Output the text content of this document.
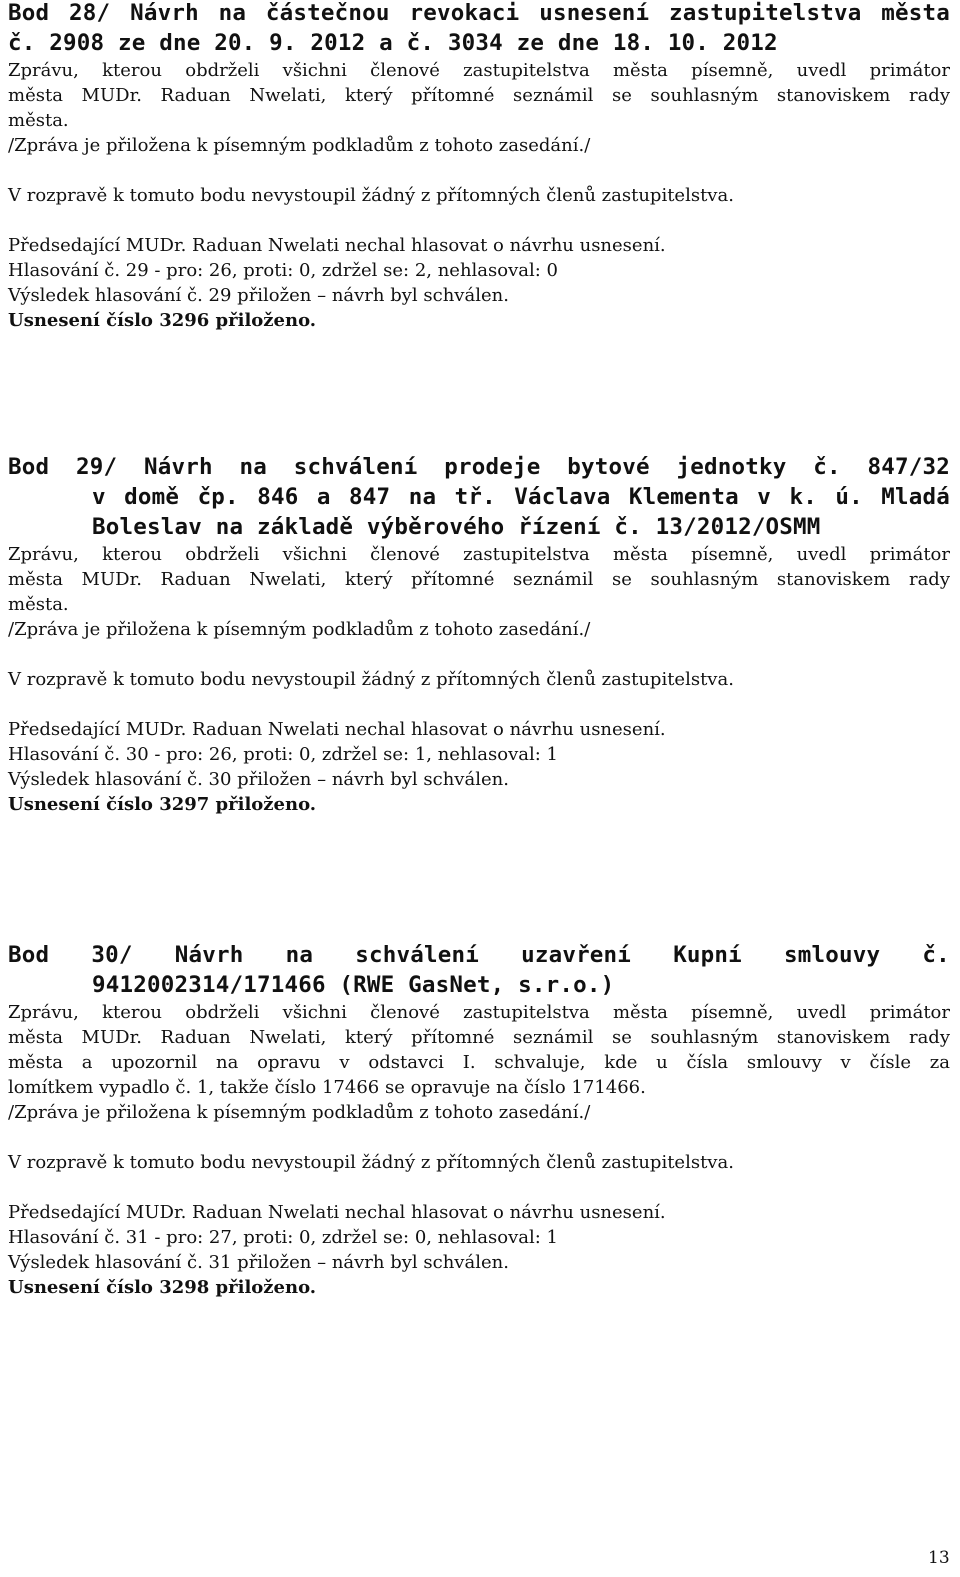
Bod 28/ Návrh na částečnou revokaci usnesení zastupitelstva města
č. 2908 ze dne 20. 9. 2012 a č. 3034 ze dne 18. 10. 2012

Zprávu, kterou obdrželi všichni členové zastupitelstva města písemně, uvedl primátor
města MUDr. Raduan Nwelati, který přítomné seznámil se souhlasným stanoviskem rady
města.

/Zpráva je přiložena k písemným podkladům z tohoto zasedání./

V rozpravě k tomuto bodu nevystoupil žádný z přítomných členů zastupitelstva.

Předsedající MUDr. Raduan Nwelati nechal hlasovat o návrhu usnesení.

Hlasování č. 29 - pro: 26, proti: 0, zdržel se: 2, nehlasoval: 0

Výsledek hlasování č. 29 přiložen – návrh byl schválen.

Usnesení číslo 3296 přiloženo.

Bod 29/ Návrh na schválení prodeje bytové jednotky č. 847/32
v domě čp. 846 a 847 na tř. Václava Klementa v k. ú. Mladá
Boleslav na základě výběrového řízení č. 13/2012/OSMM

Zprávu, kterou obdrželi všichni členové zastupitelstva města písemně, uvedl primátor
města MUDr. Raduan Nwelati, který přítomné seznámil se souhlasným stanoviskem rady
města.

/Zpráva je přiložena k písemným podkladům z tohoto zasedání./

V rozpravě k tomuto bodu nevystoupil žádný z přítomných členů zastupitelstva.

Předsedající MUDr. Raduan Nwelati nechal hlasovat o návrhu usnesení.

Hlasování č. 30 - pro: 26, proti: 0, zdržel se: 1, nehlasoval: 1

Výsledek hlasování č. 30 přiložen – návrh byl schválen.

Usnesení číslo 3297 přiloženo.

Bod 30/ Návrh na schválení uzavření Kupní smlouvy č.
9412002314/171466 (RWE GasNet, s.r.o.)

Zprávu, kterou obdrželi všichni členové zastupitelstva města písemně, uvedl primátor
města MUDr. Raduan Nwelati, který přítomné seznámil se souhlasným stanoviskem rady
města a upozornil na opravu v odstavci I. schvaluje, kde u čísla smlouvy v čísle za
lomítkem vypadlo č. 1, takže číslo 17466 se opravuje na číslo 171466.

/Zpráva je přiložena k písemným podkladům z tohoto zasedání./

V rozpravě k tomuto bodu nevystoupil žádný z přítomných členů zastupitelstva.

Předsedající MUDr. Raduan Nwelati nechal hlasovat o návrhu usnesení.

Hlasování č. 31 - pro: 27, proti: 0, zdržel se: 0, nehlasoval: 1

Výsledek hlasování č. 31 přiložen – návrh byl schválen.

Usnesení číslo 3298 přiloženo.

13
